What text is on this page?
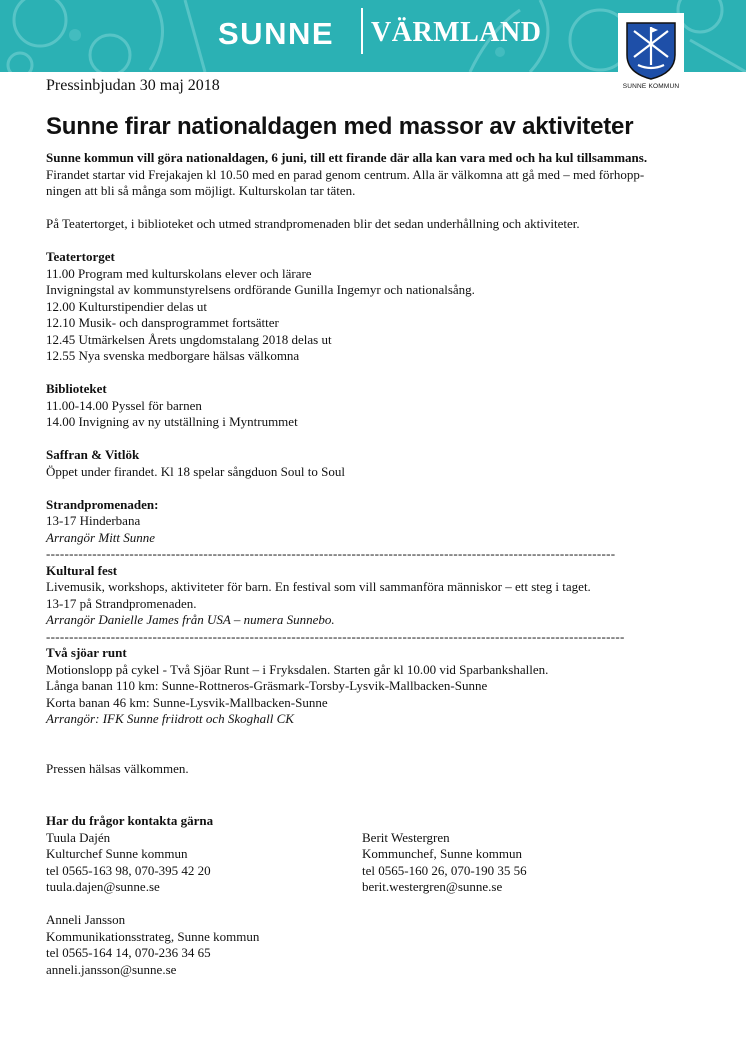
SUNNE VÄRMLAND
SUNNE KOMMUN
Pressinbjudan 30 maj 2018
Sunne firar nationaldagen med massor av aktiviteter

Sunne kommun vill göra nationaldagen, 6 juni, till ett firande där alla kan vara med och ha kul tillsammans.

Firandet startar vid Frejakajen kl 10.50 med en parad genom centrum. Alla är välkomna att gå med – med förhopp-

ningen att bli så många som möjligt. Kulturskolan tar täten.

På Teatertorget, i biblioteket och utmed strandpromenaden blir det sedan underhållning och aktiviteter.

Teatertorget

11.00 Program med kulturskolans elever och lärare

Invigningstal av kommunstyrelsens ordförande Gunilla Ingemyr och nationalsång.

12.00 Kulturstipendier delas ut

12.10 Musik- och dansprogrammet fortsätter

12.45 Utmärkelsen Årets ungdomstalang 2018 delas ut

12.55 Nya svenska medborgare hälsas välkomna

Biblioteket

11.00-14.00 Pyssel för barnen

14.00 Invigning av ny utställning i Myntrummet

Saffran & Vitlök

Öppet under firandet. Kl 18 spelar sångduon Soul to Soul

Strandpromenaden:

13-17 Hinderbana

Arrangör Mitt Sunne

---------------------------------------------------------------------------------------------------------------------------

Kultural fest

Livemusik, workshops, aktiviteter för barn. En festival som vill sammanföra människor – ett steg i taget.

13-17 på Strandpromenaden.

Arrangör Danielle James från USA – numera Sunnebo.

-----------------------------------------------------------------------------------------------------------------------------

Två sjöar runt

Motionslopp på cykel - Två Sjöar Runt – i Fryksdalen. Starten går kl 10.00 vid Sparbankshallen.

Långa banan 110 km: Sunne-Rottneros-Gräsmark-Torsby-Lysvik-Mallbacken-Sunne

Korta banan 46 km: Sunne-Lysvik-Mallbacken-Sunne

Arrangör: IFK Sunne friidrott och Skoghall CK

Pressen hälsas välkommen.

Har du frågor kontakta gärna

Tuula Dajén

Kulturchef Sunne kommun

tel 0565-163 98, 070-395 42 20

tuula.dajen@sunne.se

Berit Westergren

Kommunchef, Sunne kommun

tel 0565-160 26, 070-190 35 56

berit.westergren@sunne.se

Anneli Jansson

Kommunikationsstrateg, Sunne kommun

tel 0565-164 14, 070-236 34 65

anneli.jansson@sunne.se
